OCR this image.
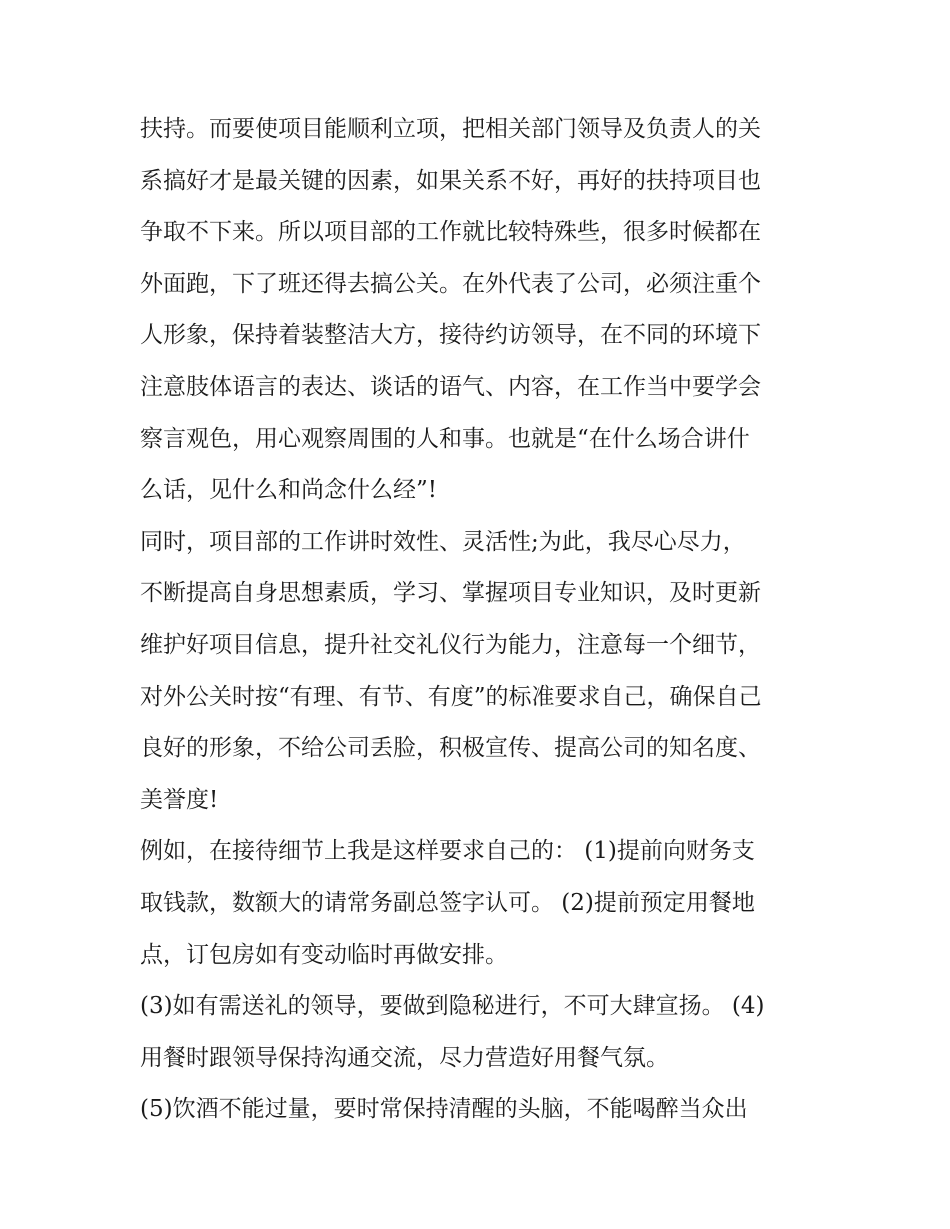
扶持。而要使项目能顺利立项，把相关部门领导及负责人的关
系搞好才是最关键的因素，如果关系不好，再好的扶持项目也
争取不下来。所以项目部的工作就比较特殊些，很多时候都在
外面跑，下了班还得去搞公关。在外代表了公司，必须注重个
人形象，保持着装整洁大方，接待约访领导，在不同的环境下
注意肢体语言的表达、谈话的语气、内容，在工作当中要学会
察言观色，用心观察周围的人和事。也就是“在什么场合讲什
么话，见什么和尚念什么经”!
同时，项目部的工作讲时效性、灵活性;为此，我尽心尽力，
不断提高自身思想素质，学习、掌握项目专业知识，及时更新
维护好项目信息，提升社交礼仪行为能力，注意每一个细节，
对外公关时按“有理、有节、有度”的标准要求自己，确保自己
良好的形象，不给公司丢脸，积极宣传、提高公司的知名度、
美誉度!
例如，在接待细节上我是这样要求自己的： (1)提前向财务支
取钱款，数额大的请常务副总签字认可。 (2)提前预定用餐地
点，订包房如有变动临时再做安排。
(3)如有需送礼的领导，要做到隐秘进行，不可大肆宣扬。 (4)
用餐时跟领导保持沟通交流，尽力营造好用餐气氛。
(5)饮酒不能过量，要时常保持清醒的头脑，不能喝醉当众出
